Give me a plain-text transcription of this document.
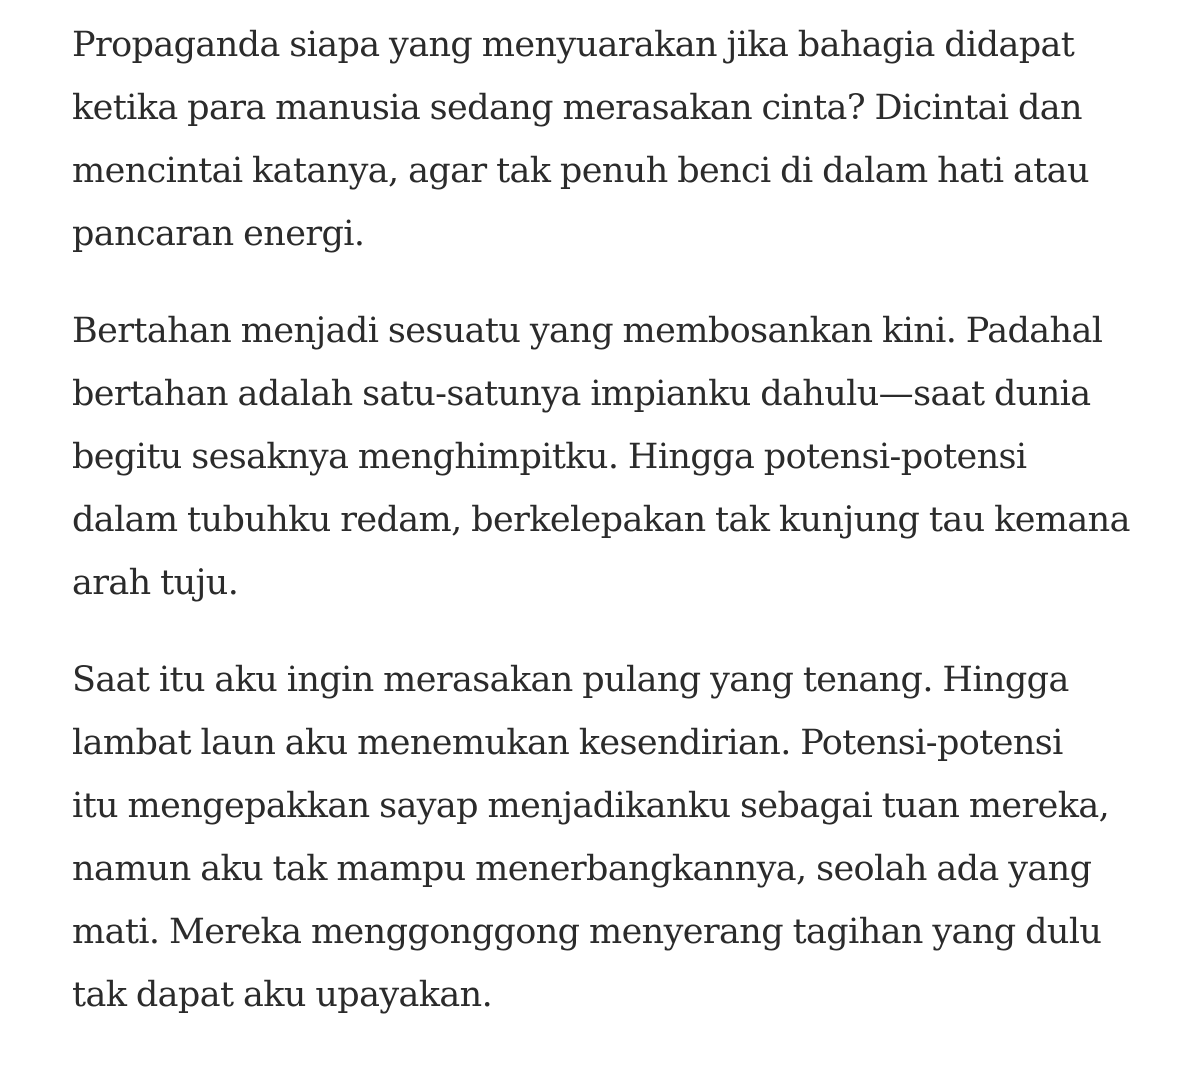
Propaganda siapa yang menyuarakan jika bahagia didapat
ketika para manusia sedang merasakan cinta? Dicintai dan
mencintai katanya, agar tak penuh benci di dalam hati atau
pancaran energi.

Bertahan menjadi sesuatu yang membosankan kini. Padahal
bertahan adalah satu-satunya impianku dahulu—saat dunia
begitu sesaknya menghimpitku. Hingga potensi-potensi
dalam tubuhku redam, berkelepakan tak kunjung tau kemana
arah tuju.

Saat itu aku ingin merasakan pulang yang tenang. Hingga
lambat laun aku menemukan kesendirian. Potensi-potensi
itu mengepakkan sayap menjadikanku sebagai tuan mereka,
namun aku tak mampu menerbangkannya, seolah ada yang
mati. Mereka menggonggong menyerang tagihan yang dulu
tak dapat aku upayakan.
